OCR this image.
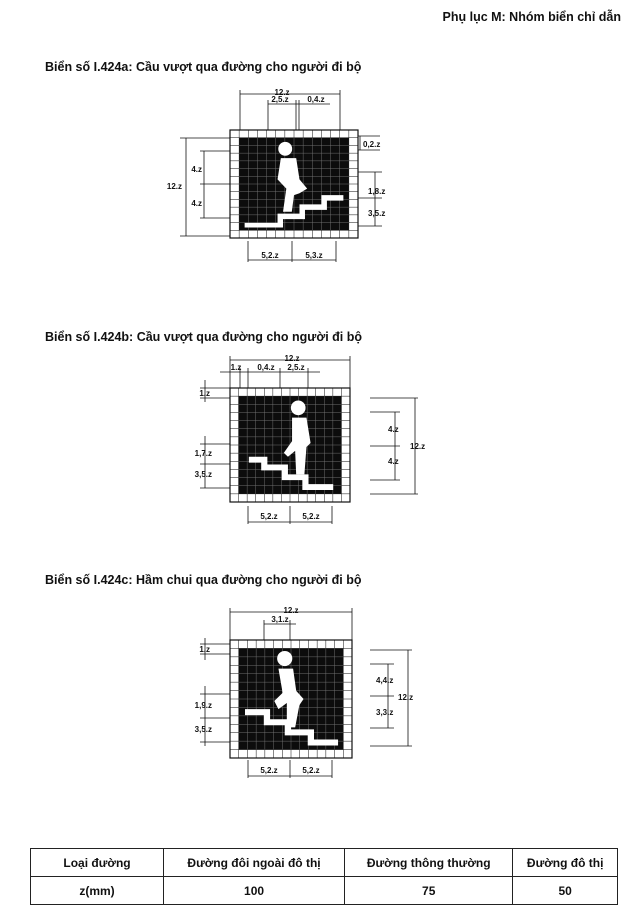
Phụ lục M: Nhóm biển chỉ dẫn
Biển số I.424a: Cầu vượt qua đường cho người đi bộ
12.z
2,5.z 0,4.z
12.z
4.z
4.z
0,2.z
1,8.z
3,5.z
5,2.z	5,3.z
Biển số I.424b: Cầu vượt qua đường cho người đi bộ
12.z
1.z 0,4.z 2,5.z
1.z
1,7.z
3,5.z
12.z
4.z
4.z
5,2.z	5,2.z
Biển số I.424c: Hầm chui qua đường cho người đi bộ
12.z
3,1.z
1.z
1,9.z
3,5.z
12.z
4,4.z
3,3.z
5,2.z	5,2.z
Loại đường	Đường đôi ngoài đô thị	Đường thông thường	Đường đô thị
z(mm)	100	75	50
